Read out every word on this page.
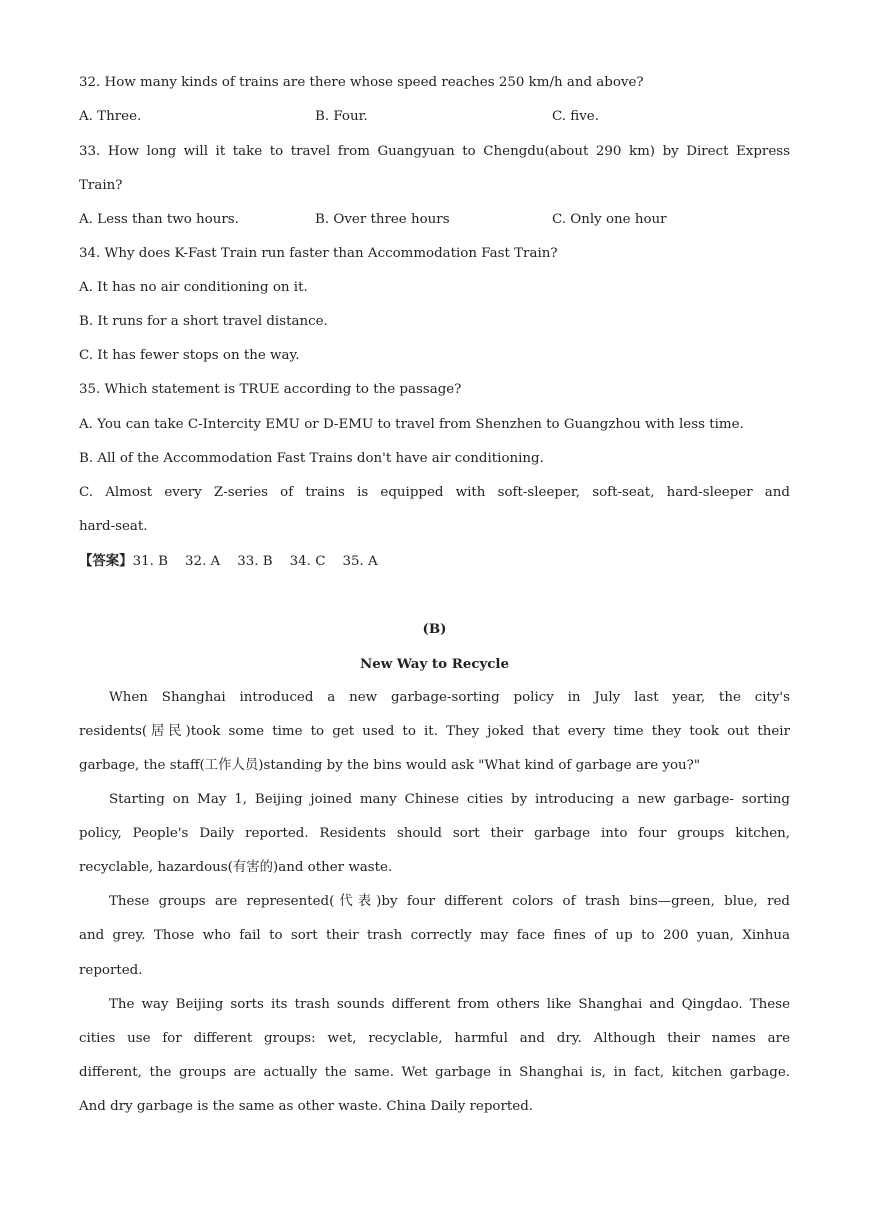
32. How many kinds of trains are there whose speed reaches 250 km/h and above?
A. Three.	B. Four.	C. five.
33. How long will it take to travel from Guangyuan to Chengdu(about 290 km) by Direct Express
Train?
A. Less than two hours.	B. Over three hours	C. Only one hour
34. Why does K-Fast Train run faster than Accommodation Fast Train?
A. It has no air conditioning on it.
B. It runs for a short travel distance.
C. It has fewer stops on the way.
35. Which statement is TRUE according to the passage?
A. You can take C-Intercity EMU or D-EMU to travel from Shenzhen to Guangzhou with less time.
B. All of the Accommodation Fast Trains don't have air conditioning.
C. Almost every Z-series of trains is equipped with soft-sleeper, soft-seat, hard-sleeper and
hard-seat.
【答案】31. B    32. A    33. B    34. C    35. A
(B)
New Way to Recycle
When Shanghai introduced a new garbage-sorting policy in July last year, the city's
residents(居民)took some time to get used to it. They joked that every time they took out their
garbage, the staff(工作人员)standing by the bins would ask "What kind of garbage are you?"
Starting on May 1, Beijing joined many Chinese cities by introducing a new garbage- sorting
policy, People's Daily reported. Residents should sort their garbage into four groups kitchen,
recyclable, hazardous(有害的)and other waste.
These groups are represented(代表)by four different colors of trash bins—green, blue, red
and grey. Those who fail to sort their trash correctly may face fines of up to 200 yuan, Xinhua
reported.
The way Beijing sorts its trash sounds different from others like Shanghai and Qingdao. These
cities use for different groups: wet, recyclable, harmful and dry. Although their names are
different, the groups are actually the same. Wet garbage in Shanghai is, in fact, kitchen garbage.
And dry garbage is the same as other waste. China Daily reported.
